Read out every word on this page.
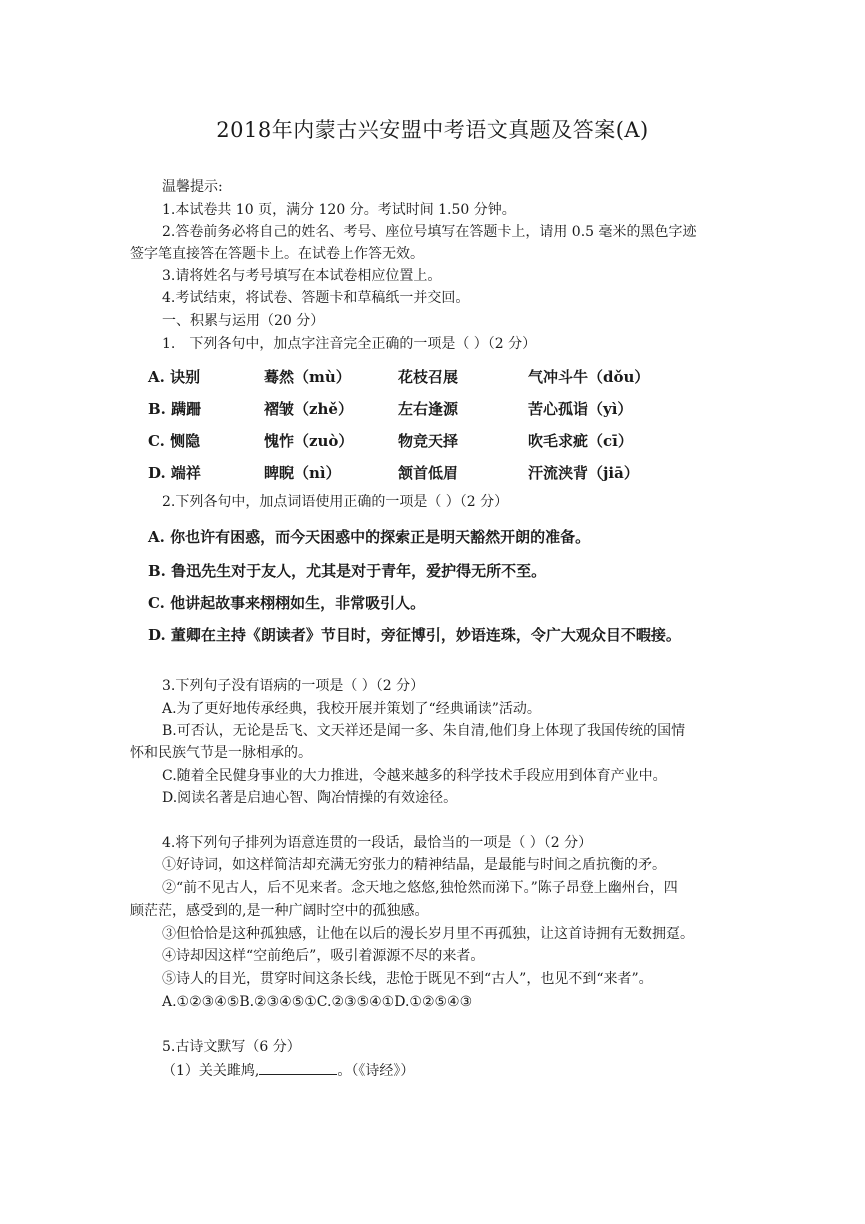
2018年内蒙古兴安盟中考语文真题及答案(A)
温馨提示:
1.本试卷共 10 页，满分 120 分。考试时间 1.50 分钟。
2.答卷前务必将自己的姓名、考号、座位号填写在答题卡上，请用 0.5 毫米的黑色字迹
签字笔直接答在答题卡上。在试卷上作答无效。
3.请将姓名与考号填写在本试卷相应位置上。
4.考试结束，将试卷、答题卡和草稿纸一并交回。
一、积累与运用（20 分）
1.　下列各句中，加点字注音完全正确的一项是（ ）（2 分）
A. 诀别	蓦然（mù）	花枝召展	气冲斗牛（dǒu）
B. 蹒跚	褶皱（zhě）	左右逢源	苦心孤诣（yì）
C. 恻隐	愧怍（zuò）	物竞天择	吹毛求疵（cī）
D. 端祥	睥睨（nì）	颔首低眉	汗流浃背（jiā）
2.下列各句中，加点词语使用正确的一项是（ ）（2 分）
A. 你也许有困惑，而今天困惑中的探索正是明天豁然开朗的准备。
B. 鲁迅先生对于友人，尤其是对于青年，爱护得无所不至。
C. 他讲起故事来栩栩如生，非常吸引人。
D. 董卿在主持《朗读者》节目时，旁征博引，妙语连珠，令广大观众目不暇接。
3.下列句子没有语病的一项是（ ）（2 分）
A.为了更好地传承经典，我校开展并策划了“经典诵读”活动。
B.可否认，无论是岳飞、文天祥还是闻一多、朱自清,他们身上体现了我国传统的国情
怀和民族气节是一脉相承的。
C.随着全民健身事业的大力推进，令越来越多的科学技术手段应用到体育产业中。
D.阅读名著是启迪心智、陶冶情操的有效途径。
4.将下列句子排列为语意连贯的一段话，最恰当的一项是（ ）（2 分）
①好诗词，如这样简洁却充满无穷张力的精神结晶，是最能与时间之盾抗衡的矛。
②“前不见古人，后不见来者。念天地之悠悠,独怆然而涕下。”陈子昂登上幽州台，四
顾茫茫，感受到的,是一种广阔时空中的孤独感。
③但恰恰是这种孤独感，让他在以后的漫长岁月里不再孤独，让这首诗拥有无数拥趸。
④诗却因这样“空前绝后”，吸引着源源不尽的来者。
⑤诗人的目光，贯穿时间这条长线，悲怆于既见不到“古人”，也见不到“来者”。
A.①②③④⑤B.②③④⑤①C.②③⑤④①D.①②⑤④③
5.古诗文默写（6 分）
（1）关关雎鸠,	。（《诗经》）
